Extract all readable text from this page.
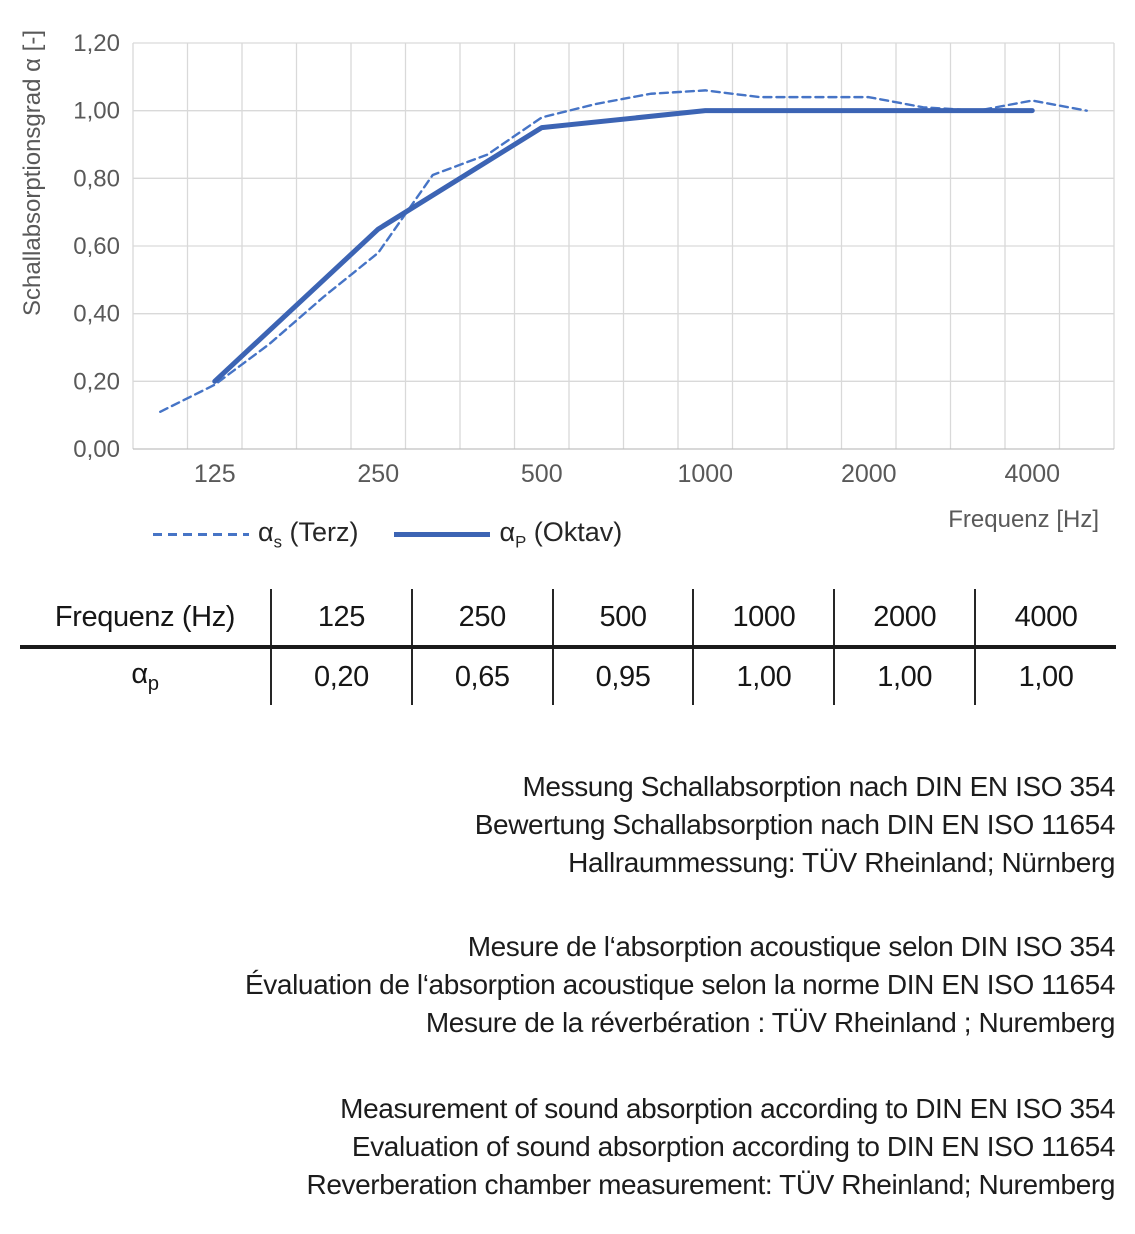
Schallabsorptionsgrad α [-]
0,00
0,20
0,40
0,60
0,80
1,00
1,20
125	250	500	1000	2000	4000
Frequenz [Hz]
$\alpha_s$ (Terz)	$\alpha_P$ (Oktav)
Frequenz (Hz)	125	250	500	1000	2000	4000
$\alpha_p$	0,20	0,65	0,95	1,00	1,00	1,00
Messung Schallabsorption nach DIN EN ISO 354
Bewertung Schallabsorption nach DIN EN ISO 11654
Hallraummessung: TÜV Rheinland; Nürnberg
Mesure de l‘absorption acoustique selon DIN ISO 354
Évaluation de l‘absorption acoustique selon la norme DIN EN ISO 11654
Mesure de la réverbération : TÜV Rheinland ; Nuremberg
Measurement of sound absorption according to DIN EN ISO 354
Evaluation of sound absorption according to DIN EN ISO 11654
Reverberation chamber measurement: TÜV Rheinland; Nuremberg
